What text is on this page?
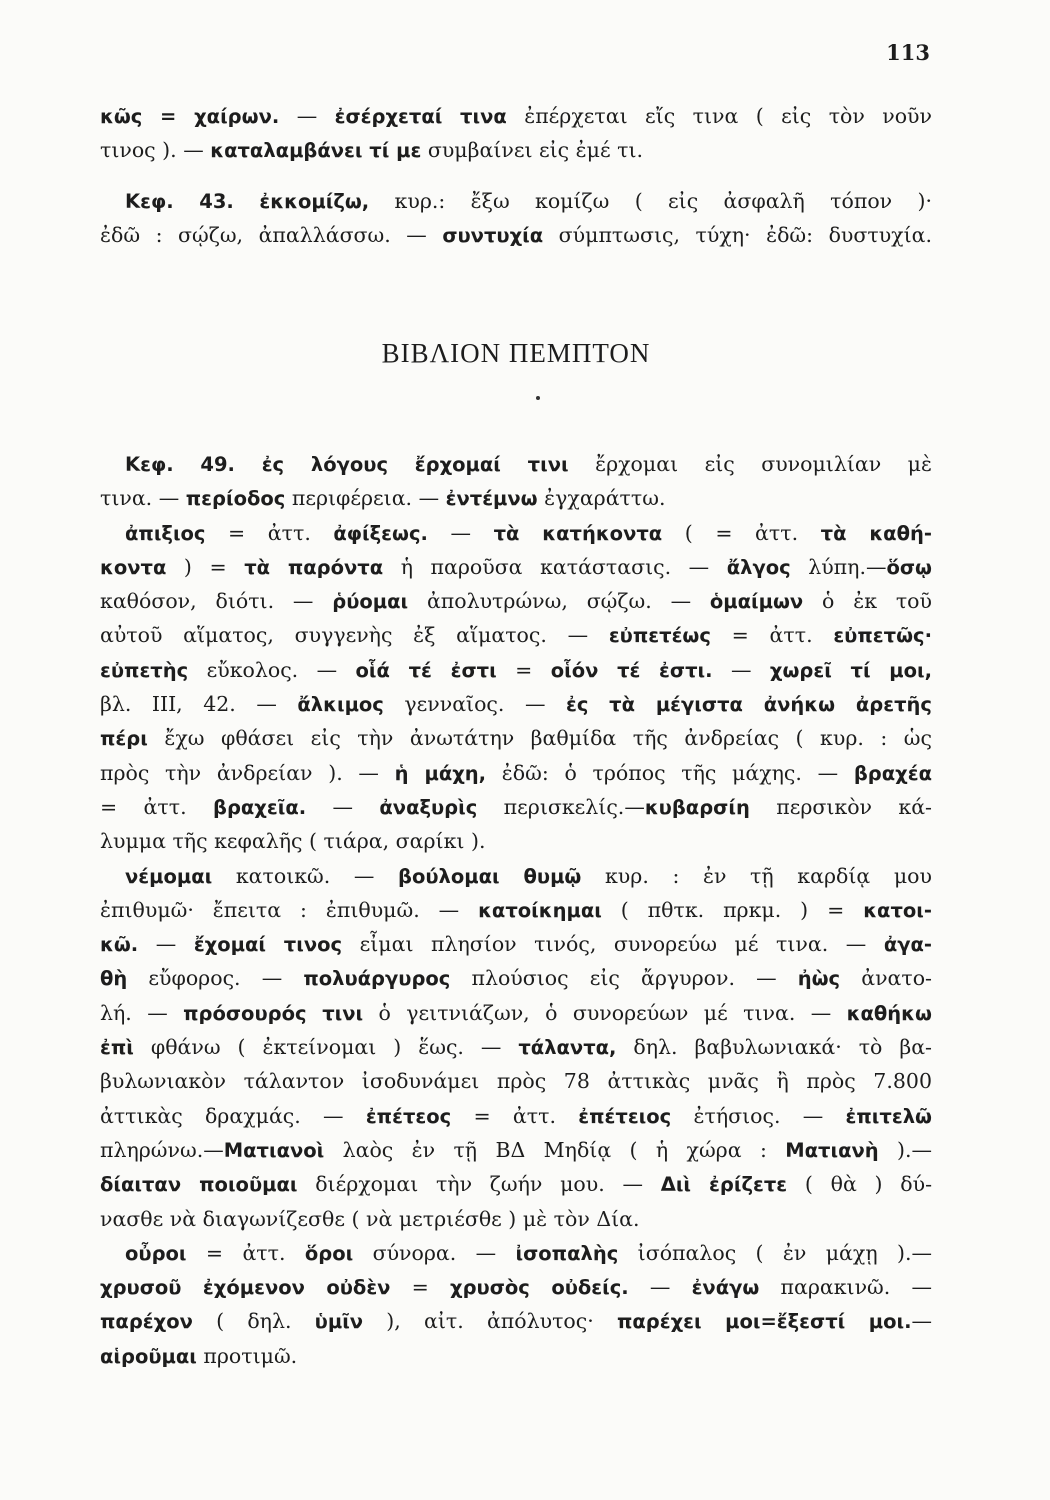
113
κῶς = χαίρων. — ἐσέρχεταί τινα ἐπέρχεται εἴς τινα ( εἰς τὸν νοῦν
τινος ). — καταλαμβάνει τί με συμβαίνει εἰς ἐμέ τι.
Κεφ. 43. ἐκκομίζω, κυρ.: ἔξω κομίζω ( εἰς ἀσφαλῆ τόπον )·
ἐδῶ : σῴζω, ἀπαλλάσσω. — συντυχία σύμπτωσις, τύχη· ἐδῶ: δυστυχία.
ΒΙΒΛΙΟΝ ΠΕΜΠΤΟΝ
Κεφ. 49. ἐς λόγους ἔρχομαί τινι ἔρχομαι εἰς συνομιλίαν μὲ
τινα. — περίοδος περιφέρεια. — ἐντέμνω ἐγχαράττω.
ἀπιξιος = ἀττ. ἀφίξεως. — τὰ κατήκοντα ( = ἀττ. τὰ καθή-
κοντα ) = τὰ παρόντα ἡ παροῦσα κατάστασις. — ἄλγος λύπη.—ὅσῳ
καθόσον, διότι. — ῥύομαι ἀπολυτρώνω, σῴζω. — ὁμαίμων ὁ ἐκ τοῦ
αὐτοῦ αἵματος, συγγενὴς ἐξ αἵματος. — εὐπετέως = ἀττ. εὐπετῶς·
εὐπετὴς εὔκολος. — οἷά τέ ἐστι = οἷόν τέ ἐστι. — χωρεῖ τί μοι,
βλ. III, 42. — ἄλκιμος γενναῖος. — ἐς τὰ μέγιστα ἀνήκω ἀρετῆς
πέρι ἔχω φθάσει εἰς τὴν ἀνωτάτην βαθμίδα τῆς ἀνδρείας ( κυρ. : ὡς
πρὸς τὴν ἀνδρείαν ). — ἡ μάχη, ἐδῶ: ὁ τρόπος τῆς μάχης. — βραχέα
= ἀττ. βραχεῖα. — ἀναξυρὶς περισκελίς.—κυβαρσίη περσικὸν κά-
λυμμα τῆς κεφαλῆς ( τιάρα, σαρίκι ).
νέμομαι κατοικῶ. — βούλομαι θυμῷ κυρ. : ἐν τῇ καρδίᾳ μου
ἐπιθυμῶ· ἔπειτα : ἐπιθυμῶ. — κατοίκημαι ( πθτκ. πρκμ. ) = κατοι-
κῶ. — ἔχομαί τινος εἶμαι πλησίον τινός, συνορεύω μέ τινα. — ἀγα-
θὴ εὔφορος. — πολυάργυρος πλούσιος εἰς ἄργυρον. — ἠὼς ἀνατο-
λή. — πρόσουρός τινι ὁ γειτνιάζων, ὁ συνορεύων μέ τινα. — καθήκω
ἐπὶ φθάνω ( ἐκτείνομαι ) ἕως. — τάλαντα, δηλ. βαβυλωνιακά· τὸ βα-
βυλωνιακὸν τάλαντον ἰσοδυνάμει πρὸς 78 ἀττικὰς μνᾶς ἢ πρὸς 7.800
ἀττικὰς δραχμάς. — ἐπέτεος = ἀττ. ἐπέτειος ἐτήσιος. — ἐπιτελῶ
πληρώνω.—Ματιανοὶ λαὸς ἐν τῇ ΒΔ Μηδίᾳ ( ἡ χώρα : Ματιανὴ ).—
δίαιταν ποιοῦμαι διέρχομαι τὴν ζωήν μου. — Διὶ ἐρίζετε ( θὰ ) δύ-
νασθε νὰ διαγωνίζεσθε ( νὰ μετριέσθε ) μὲ τὸν Δία.
οὖροι = ἀττ. ὅροι σύνορα. — ἰσοπαλὴς ἰσόπαλος ( ἐν μάχῃ ).—
χρυσοῦ ἐχόμενον οὐδὲν = χρυσὸς οὐδείς. — ἐνάγω παρακινῶ. —
παρέχον ( δηλ. ὑμῖν ), αἰτ. ἀπόλυτος· παρέχει μοι=ἔξεστί μοι.—
αἱροῦμαι προτιμῶ.
